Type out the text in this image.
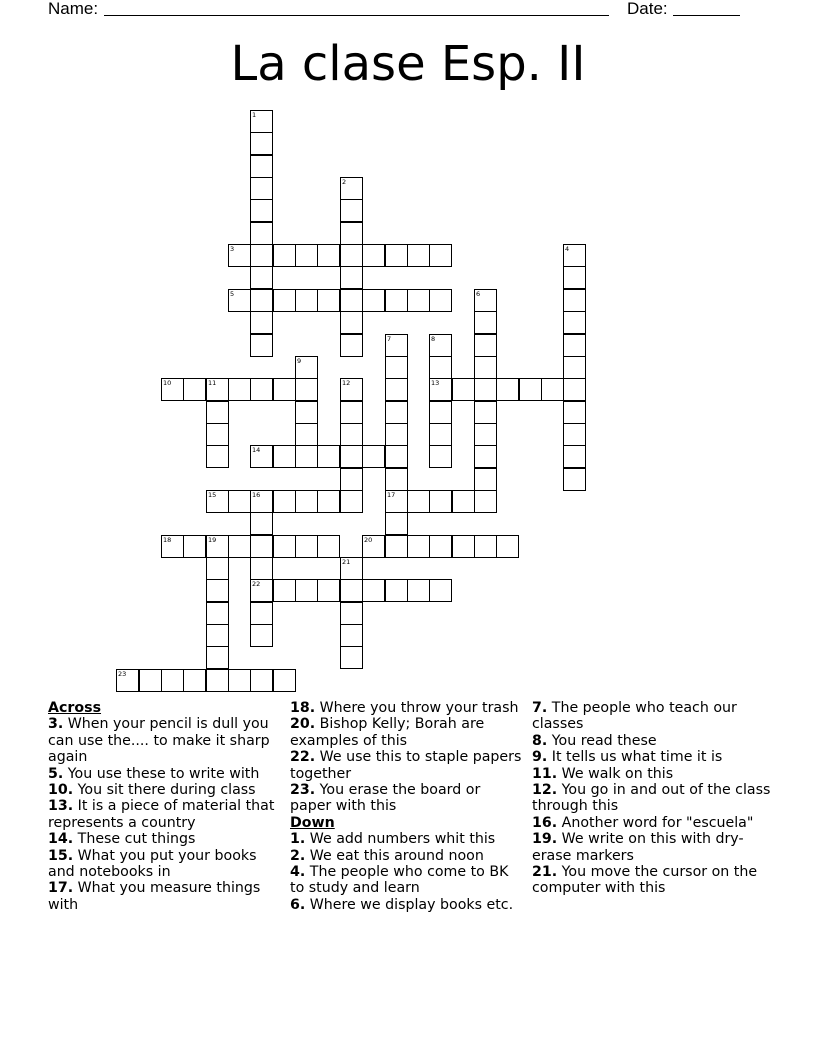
Name:	Date:
La clase Esp. II
1
2
3	4
5	6
7
17
8
13
9
10	11	12
14
15	16
22
18	19	20
21
23
Across
3. When your pencil is dull you can use the.... to make it sharp again
5. You use these to write with
10. You sit there during class
13. It is a piece of material that represents a country
14. These cut things
15. What you put your books and notebooks in
17. What you measure things with
18. Where you throw your trash
20. Bishop Kelly; Borah are examples of this
22. We use this to staple papers together
23. You erase the board or paper with this
Down
1. We add numbers whit this
2. We eat this around noon
4. The people who come to BK to study and learn
6. Where we display books etc.
7. The people who teach our classes
8. You read these
9. It tells us what time it is
11. We walk on this
12. You go in and out of the class through this
16. Another word for "escuela"
19. We write on this with dry-erase markers
21. You move the cursor on the computer with this
